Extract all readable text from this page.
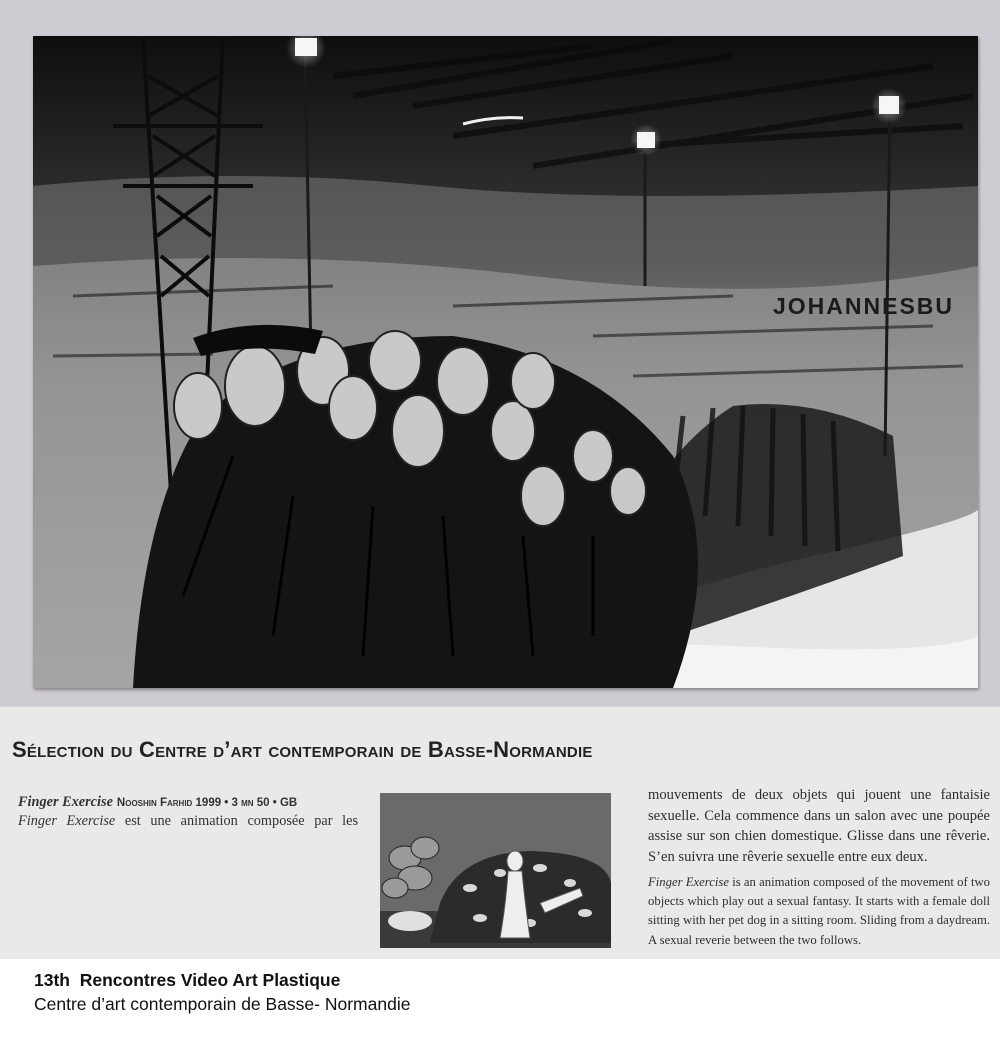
JOHANNESBU
Sélection du Centre d’art contemporain de Basse-Normandie
Finger Exercise Nooshin Farhid 1999 • 3 mn 50 • GB
Finger Exercise est une animation composée par les

mouvements de deux objets qui jouent une fantaisie sexuelle. Cela commence dans un salon avec une poupée assise sur son chien domestique. Glisse dans une rêverie. S’en suivra une rêverie sexuelle entre eux deux.

Finger Exercise is an animation composed of the movement of two objects which play out a sexual fantasy. It starts with a female doll sitting with her pet dog in a sitting room. Sliding from a daydream. A sexual reverie between the two follows.

13th  Rencontres Video Art Plastique
Centre d’art contemporain de Basse- Normandie
